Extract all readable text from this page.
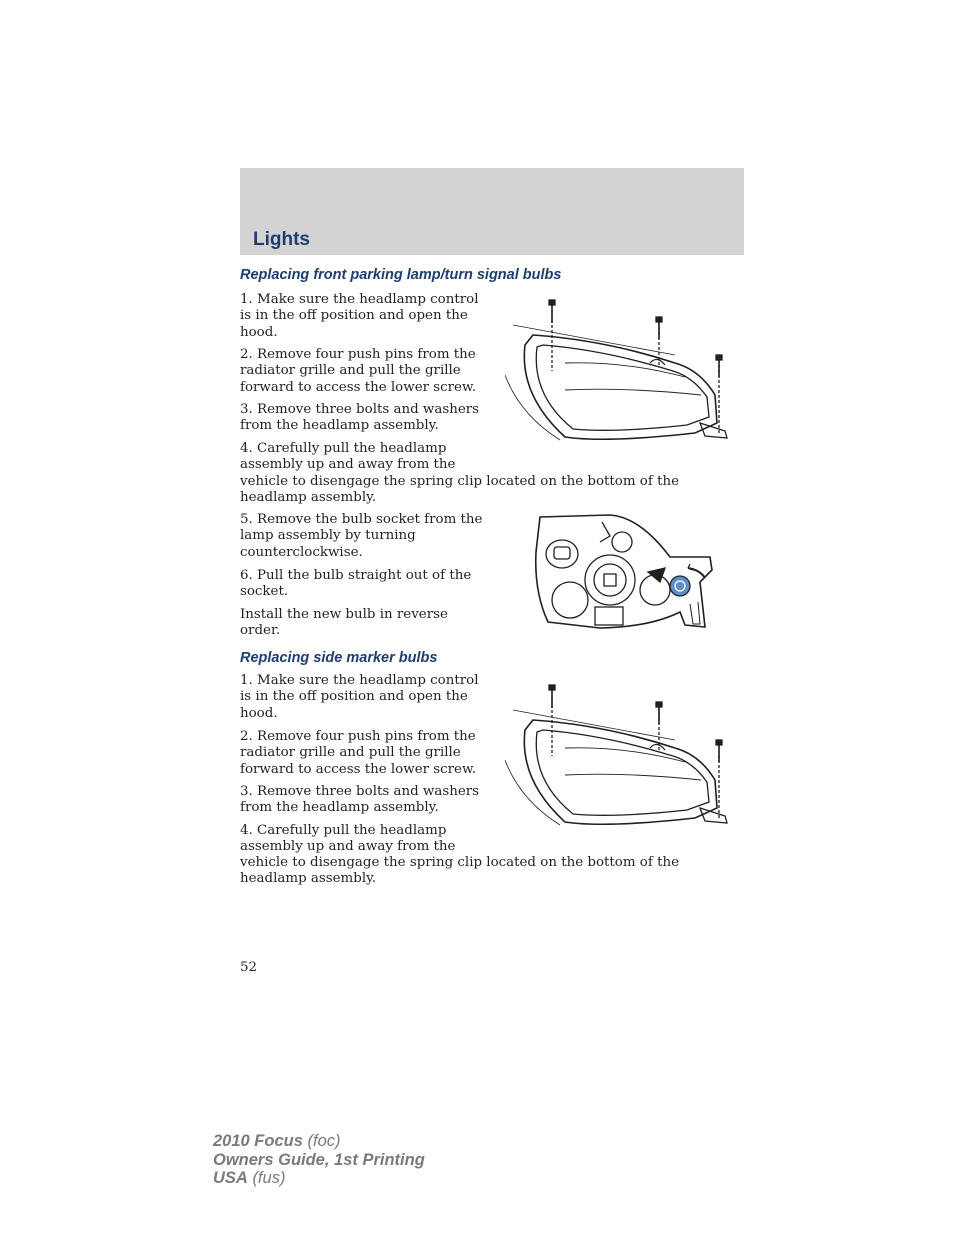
Lights
Replacing front parking lamp/turn signal bulbs

1. Make sure the headlamp control is in the off position and open the hood.

2. Remove four push pins from the radiator grille and pull the grille forward to access the lower screw.

3. Remove three bolts and washers from the headlamp assembly.

4. Carefully pull the headlamp assembly up and away from the

vehicle to disengage the spring clip located on the bottom of the headlamp assembly.

5. Remove the bulb socket from the lamp assembly by turning counterclockwise.

6. Pull the bulb straight out of the socket.

Install the new bulb in reverse order.

Replacing side marker bulbs

1. Make sure the headlamp control is in the off position and open the hood.

2. Remove four push pins from the radiator grille and pull the grille forward to access the lower screw.

3. Remove three bolts and washers from the headlamp assembly.

4. Carefully pull the headlamp assembly up and away from the

vehicle to disengage the spring clip located on the bottom of the headlamp assembly.

52
2010 Focus (foc)
Owners Guide, 1st Printing
USA (fus)
